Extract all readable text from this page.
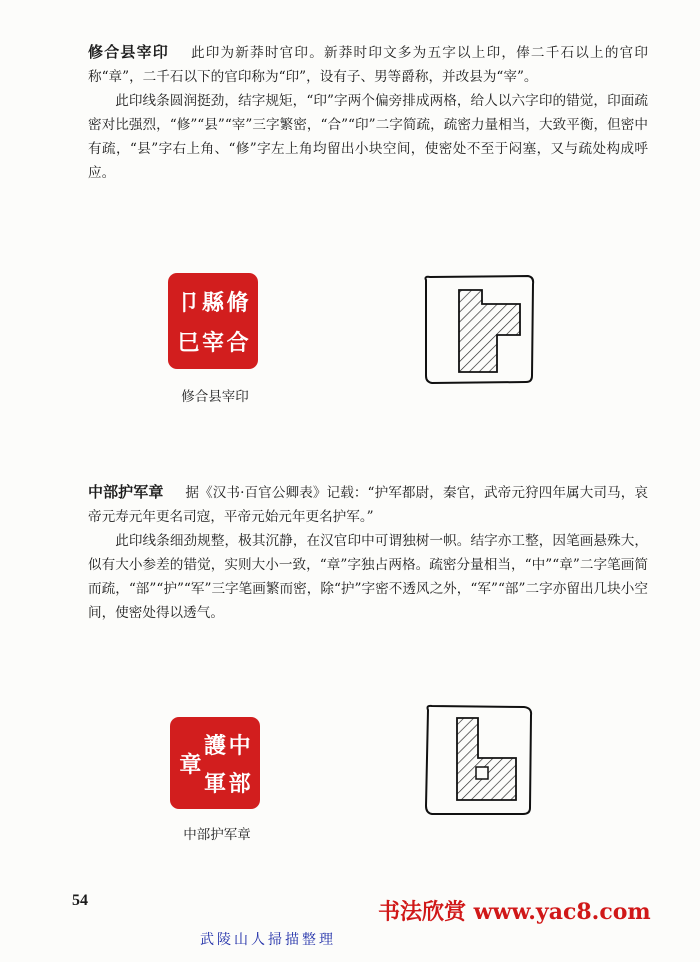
修合县宰印 此印为新莽时官印。新莽时印文多为五字以上印，俸二千石以上的官印称“章”，二千石以下的官印称为“印”，设有子、男等爵称，并改县为“宰”。

此印线条圆润挺劲，结字规矩，“印”字两个偏旁排成两格，给人以六字印的错觉，印面疏密对比强烈，“修”“县”“宰”三字繁密，“合”“印”二字简疏，疏密力量相当，大致平衡，但密中有疏，“县”字右上角、“修”字左上角均留出小块空间，使密处不至于闷塞，又与疏处构成呼应。

卩 縣 脩
巳 宰 合
修合县宰印

中部护军章 据《汉书·百官公卿表》记载：“护军都尉，秦官，武帝元狩四年属大司马，哀帝元寿元年更名司寇，平帝元始元年更名护军。”

此印线条细劲规整，极其沉静，在汉官印中可谓独树一帜。结字亦工整，因笔画悬殊大，似有大小参差的错觉，实则大小一致，“章”字独占两格。疏密分量相当，“中”“章”二字笔画简而疏，“部”“护”“军”三字笔画繁而密，除“护”字密不透风之外，“军”“部”二字亦留出几块小空间，使密处得以透气。

章
護 中
軍 部
中部护军章
54	书法欣赏 www.yac8.com
武陵山人掃描整理
